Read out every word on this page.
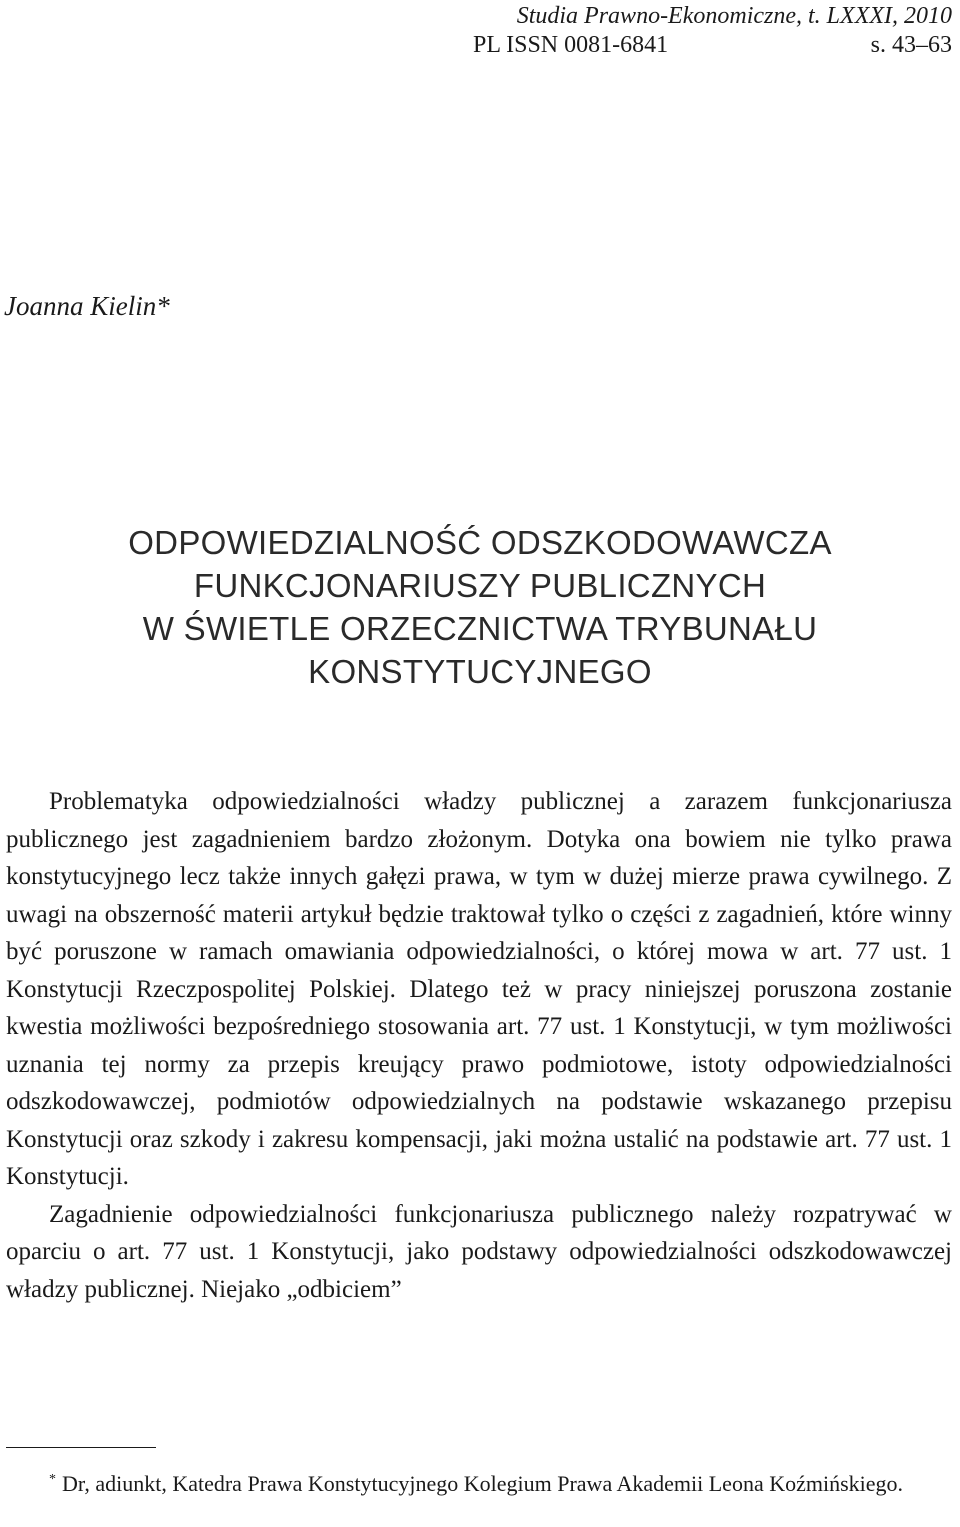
Studia Prawno-Ekonomiczne, t. LXXXI, 2010
PL ISSN 0081-6841	s. 43–63
Joanna Kielin*
ODPOWIEDZIALNOŚĆ ODSZKODOWAWCZA
FUNKCJONARIUSZY PUBLICZNYCH
W ŚWIETLE ORZECZNICTWA TRYBUNAŁU
KONSTYTUCYJNEGO

Problematyka odpowiedzialności władzy publicznej a zarazem funkcjonariusza publicznego jest zagadnieniem bardzo złożonym. Dotyka ona bowiem nie tylko prawa konstytucyjnego lecz także innych gałęzi prawa, w tym w dużej mierze prawa cywilnego. Z uwagi na obszerność materii artykuł będzie traktował tylko o części z zagadnień, które winny być poruszone w ramach omawiania odpowiedzialności, o której mowa w art. 77 ust. 1 Konstytucji Rzeczpospolitej Polskiej. Dlatego też w pracy niniejszej poruszona zostanie kwestia możliwości bezpośredniego stosowania art. 77 ust. 1 Konstytucji, w tym możliwości uznania tej normy za przepis kreujący prawo podmiotowe, istoty odpowiedzialności odszkodowawczej, podmiotów odpowiedzialnych na podstawie wskazanego przepisu Konstytucji oraz szkody i zakresu kompensacji, jaki można ustalić na podstawie art. 77 ust. 1 Konstytucji.

Zagadnienie odpowiedzialności funkcjonariusza publicznego należy rozpatrywać w oparciu o art. 77 ust. 1 Konstytucji, jako podstawy odpowiedzialności odszkodowawczej władzy publicznej. Niejako „odbiciem”

* Dr, adiunkt, Katedra Prawa Konstytucyjnego Kolegium Prawa Akademii Leona Koźmińskiego.
